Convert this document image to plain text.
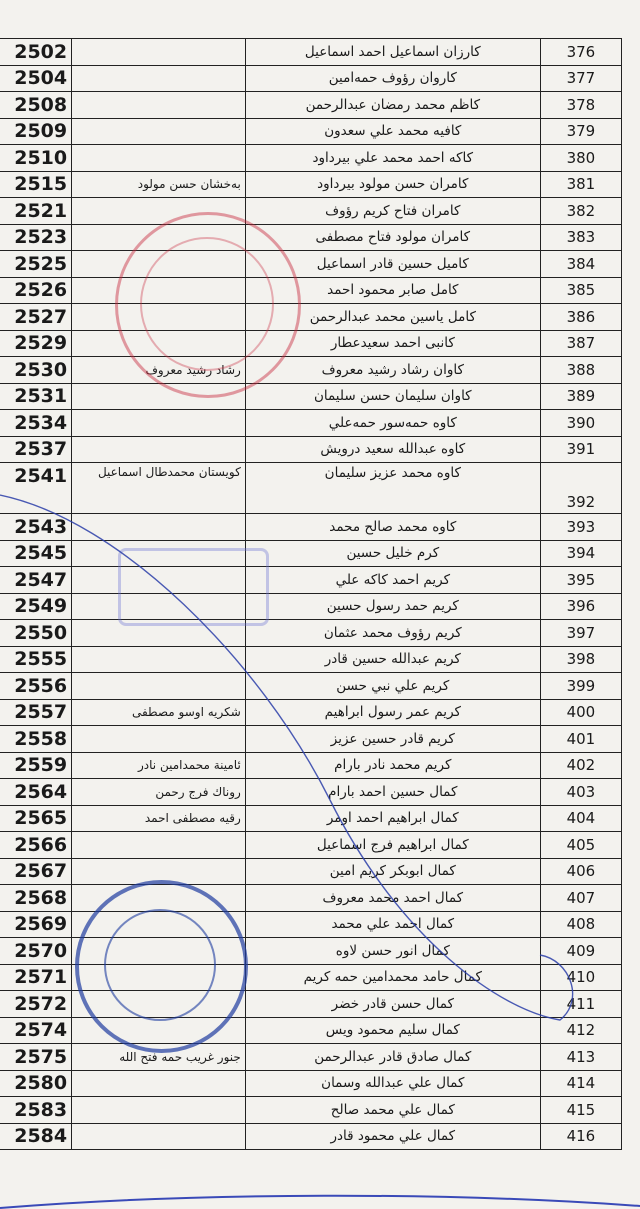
2502		كارزان اسماعيل احمد اسماعيل	376
2504		كاروان رؤوف حمەامين	377
2508		كاظم محمد رمضان عبدالرحمن	378
2509		كافيه محمد علي سعدون	379
2510		كاكه احمد محمد علي بيرداود	380
2515	بەخشان حسن مولود	كامران حسن مولود بيرداود	381
2521		كامران فتاح كريم رؤوف	382
2523		كامران مولود فتاح مصطفى	383
2525		كاميل حسين قادر اسماعيل	384
2526		كامل صابر محمود احمد	385
2527		كامل ياسين محمد عبدالرحمن	386
2529		كانبى احمد سعيدعطار	387
2530	رشاد رشيد معروف	كاوان رشاد رشيد معروف	388
2531		كاوان سليمان حسن سليمان	389
2534		كاوه حمەسور حمەعلي	390
2537		كاوه عبدالله سعيد درويش	391
2541	كويستان محمدطال اسماعيل	كاوه محمد عزيز سليمان	392
2543		كاوه محمد صالح محمد	393
2545		كرم خليل حسين	394
2547		كريم احمد كاكه علي	395
2549		كريم حمد رسول حسين	396
2550		كريم رؤوف محمد عثمان	397
2555		كريم عبدالله حسين قادر	398
2556		كريم علي نبي حسن	399
2557	شكريه اوسو مصطفى	كريم عمر رسول ابراهيم	400
2558		كريم قادر حسين عزيز	401
2559	ئامينة محمدامين نادر	كريم محمد نادر بارام	402
2564	روناك فرج رحمن	كمال حسين احمد بارام	403
2565	رقيه مصطفى احمد	كمال ابراهيم احمد اومر	404
2566		كمال ابراهيم فرج اسماعيل	405
2567		كمال ابوبكر كريم امين	406
2568		كمال احمد محمد معروف	407
2569		كمال احمد علي محمد	408
2570		كمال انور حسن لاوه	409
2571		كمال حامد محمدامين حمه كريم	410
2572		كمال حسن قادر خضر	411
2574		كمال سليم محمود ويس	412
2575	جنور غريب حمه فتح الله	كمال صادق قادر عبدالرحمن	413
2580		كمال علي عبدالله وسمان	414
2583		كمال علي محمد صالح	415
2584		كمال علي محمود قادر	416
